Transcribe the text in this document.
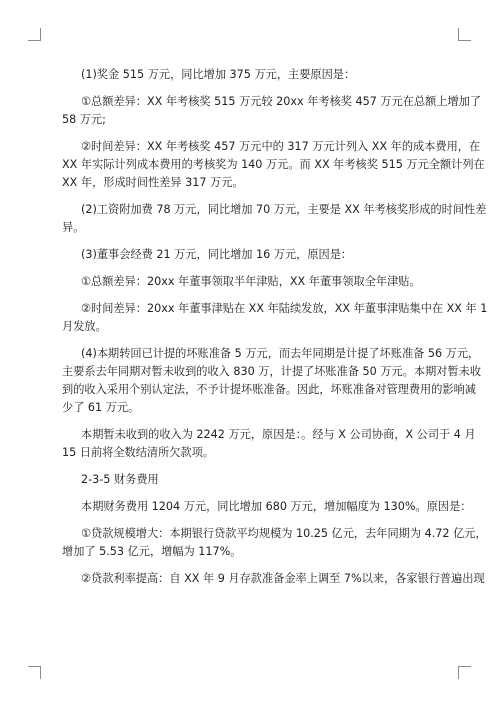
(1)奖金 515 万元，同比增加 375 万元，主要原因是：

①总额差异：XX 年考核奖 515 万元较 20xx 年考核奖 457 万元在总额上增加了

58 万元;

②时间差异：XX 年考核奖 457 万元中的 317 万元计列入 XX 年的成本费用，在

XX 年实际计列成本费用的考核奖为 140 万元。而 XX 年考核奖 515 万元全额计列在

XX 年，形成时间性差异 317 万元。

(2)工资附加费 78 万元，同比增加 70 万元，主要是 XX 年考核奖形成的时间性差

异。

(3)董事会经费 21 万元，同比增加 16 万元，原因是：

①总额差异：20xx 年董事领取半年津贴，XX 年董事领取全年津贴。

②时间差异：20xx 年董事津贴在 XX 年陆续发放，XX 年董事津贴集中在 XX 年 1

月发放。

(4)本期转回已计提的坏账准备 5 万元，而去年同期是计提了坏账准备 56 万元，

主要系去年同期对暂未收到的收入 830 万，计提了坏账准备 50 万元。本期对暂未收

到的收入采用个别认定法，不予计提坏账准备。因此，坏账准备对管理费用的影响减

少了 61 万元。

本期暂未收到的收入为 2242 万元，原因是：。经与 X 公司协商，X 公司于 4 月

15 日前将全数结清所欠款项。

2-3-5 财务费用

本期财务费用 1204 万元，同比增加 680 万元，增加幅度为 130%。原因是：

①贷款规模增大：本期银行贷款平均规模为 10.25 亿元，去年同期为 4.72 亿元，

增加了 5.53 亿元，增幅为 117%。

②贷款利率提高：自 XX 年 9 月存款准备金率上调至 7%以来，各家银行普遍出现
